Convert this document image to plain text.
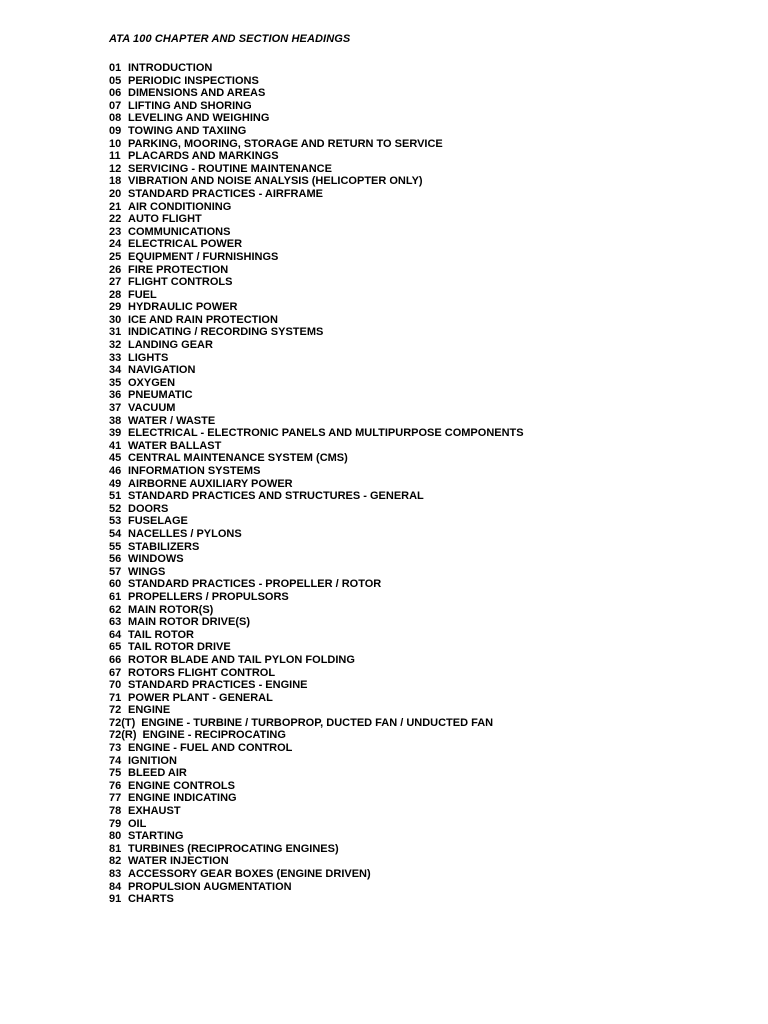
ATA 100 CHAPTER AND SECTION HEADINGS
01 INTRODUCTION
05 PERIODIC INSPECTIONS
06 DIMENSIONS AND AREAS
07 LIFTING AND SHORING
08 LEVELING AND WEIGHING
09 TOWING AND TAXIING
10 PARKING, MOORING, STORAGE AND RETURN TO SERVICE
11 PLACARDS AND MARKINGS
12 SERVICING - ROUTINE MAINTENANCE
18 VIBRATION AND NOISE ANALYSIS (HELICOPTER ONLY)
20 STANDARD PRACTICES - AIRFRAME
21 AIR CONDITIONING
22 AUTO FLIGHT
23 COMMUNICATIONS
24 ELECTRICAL POWER
25 EQUIPMENT / FURNISHINGS
26 FIRE PROTECTION
27 FLIGHT CONTROLS
28 FUEL
29 HYDRAULIC POWER
30 ICE AND RAIN PROTECTION
31 INDICATING / RECORDING SYSTEMS
32 LANDING GEAR
33 LIGHTS
34 NAVIGATION
35 OXYGEN
36 PNEUMATIC
37 VACUUM
38 WATER / WASTE
39 ELECTRICAL - ELECTRONIC PANELS AND MULTIPURPOSE COMPONENTS
41 WATER BALLAST
45 CENTRAL MAINTENANCE SYSTEM (CMS)
46 INFORMATION SYSTEMS
49 AIRBORNE AUXILIARY POWER
51 STANDARD PRACTICES AND STRUCTURES - GENERAL
52 DOORS
53 FUSELAGE
54 NACELLES / PYLONS
55 STABILIZERS
56 WINDOWS
57 WINGS
60 STANDARD PRACTICES - PROPELLER / ROTOR
61 PROPELLERS / PROPULSORS
62 MAIN ROTOR(S)
63 MAIN ROTOR DRIVE(S)
64 TAIL ROTOR
65 TAIL ROTOR DRIVE
66 ROTOR BLADE AND TAIL PYLON FOLDING
67 ROTORS FLIGHT CONTROL
70 STANDARD PRACTICES - ENGINE
71 POWER PLANT - GENERAL
72 ENGINE
72(T) ENGINE - TURBINE / TURBOPROP, DUCTED FAN / UNDUCTED FAN
72(R) ENGINE - RECIPROCATING
73 ENGINE - FUEL AND CONTROL
74 IGNITION
75 BLEED AIR
76 ENGINE CONTROLS
77 ENGINE INDICATING
78 EXHAUST
79 OIL
80 STARTING
81 TURBINES (RECIPROCATING ENGINES)
82 WATER INJECTION
83 ACCESSORY GEAR BOXES (ENGINE DRIVEN)
84 PROPULSION AUGMENTATION
91 CHARTS
